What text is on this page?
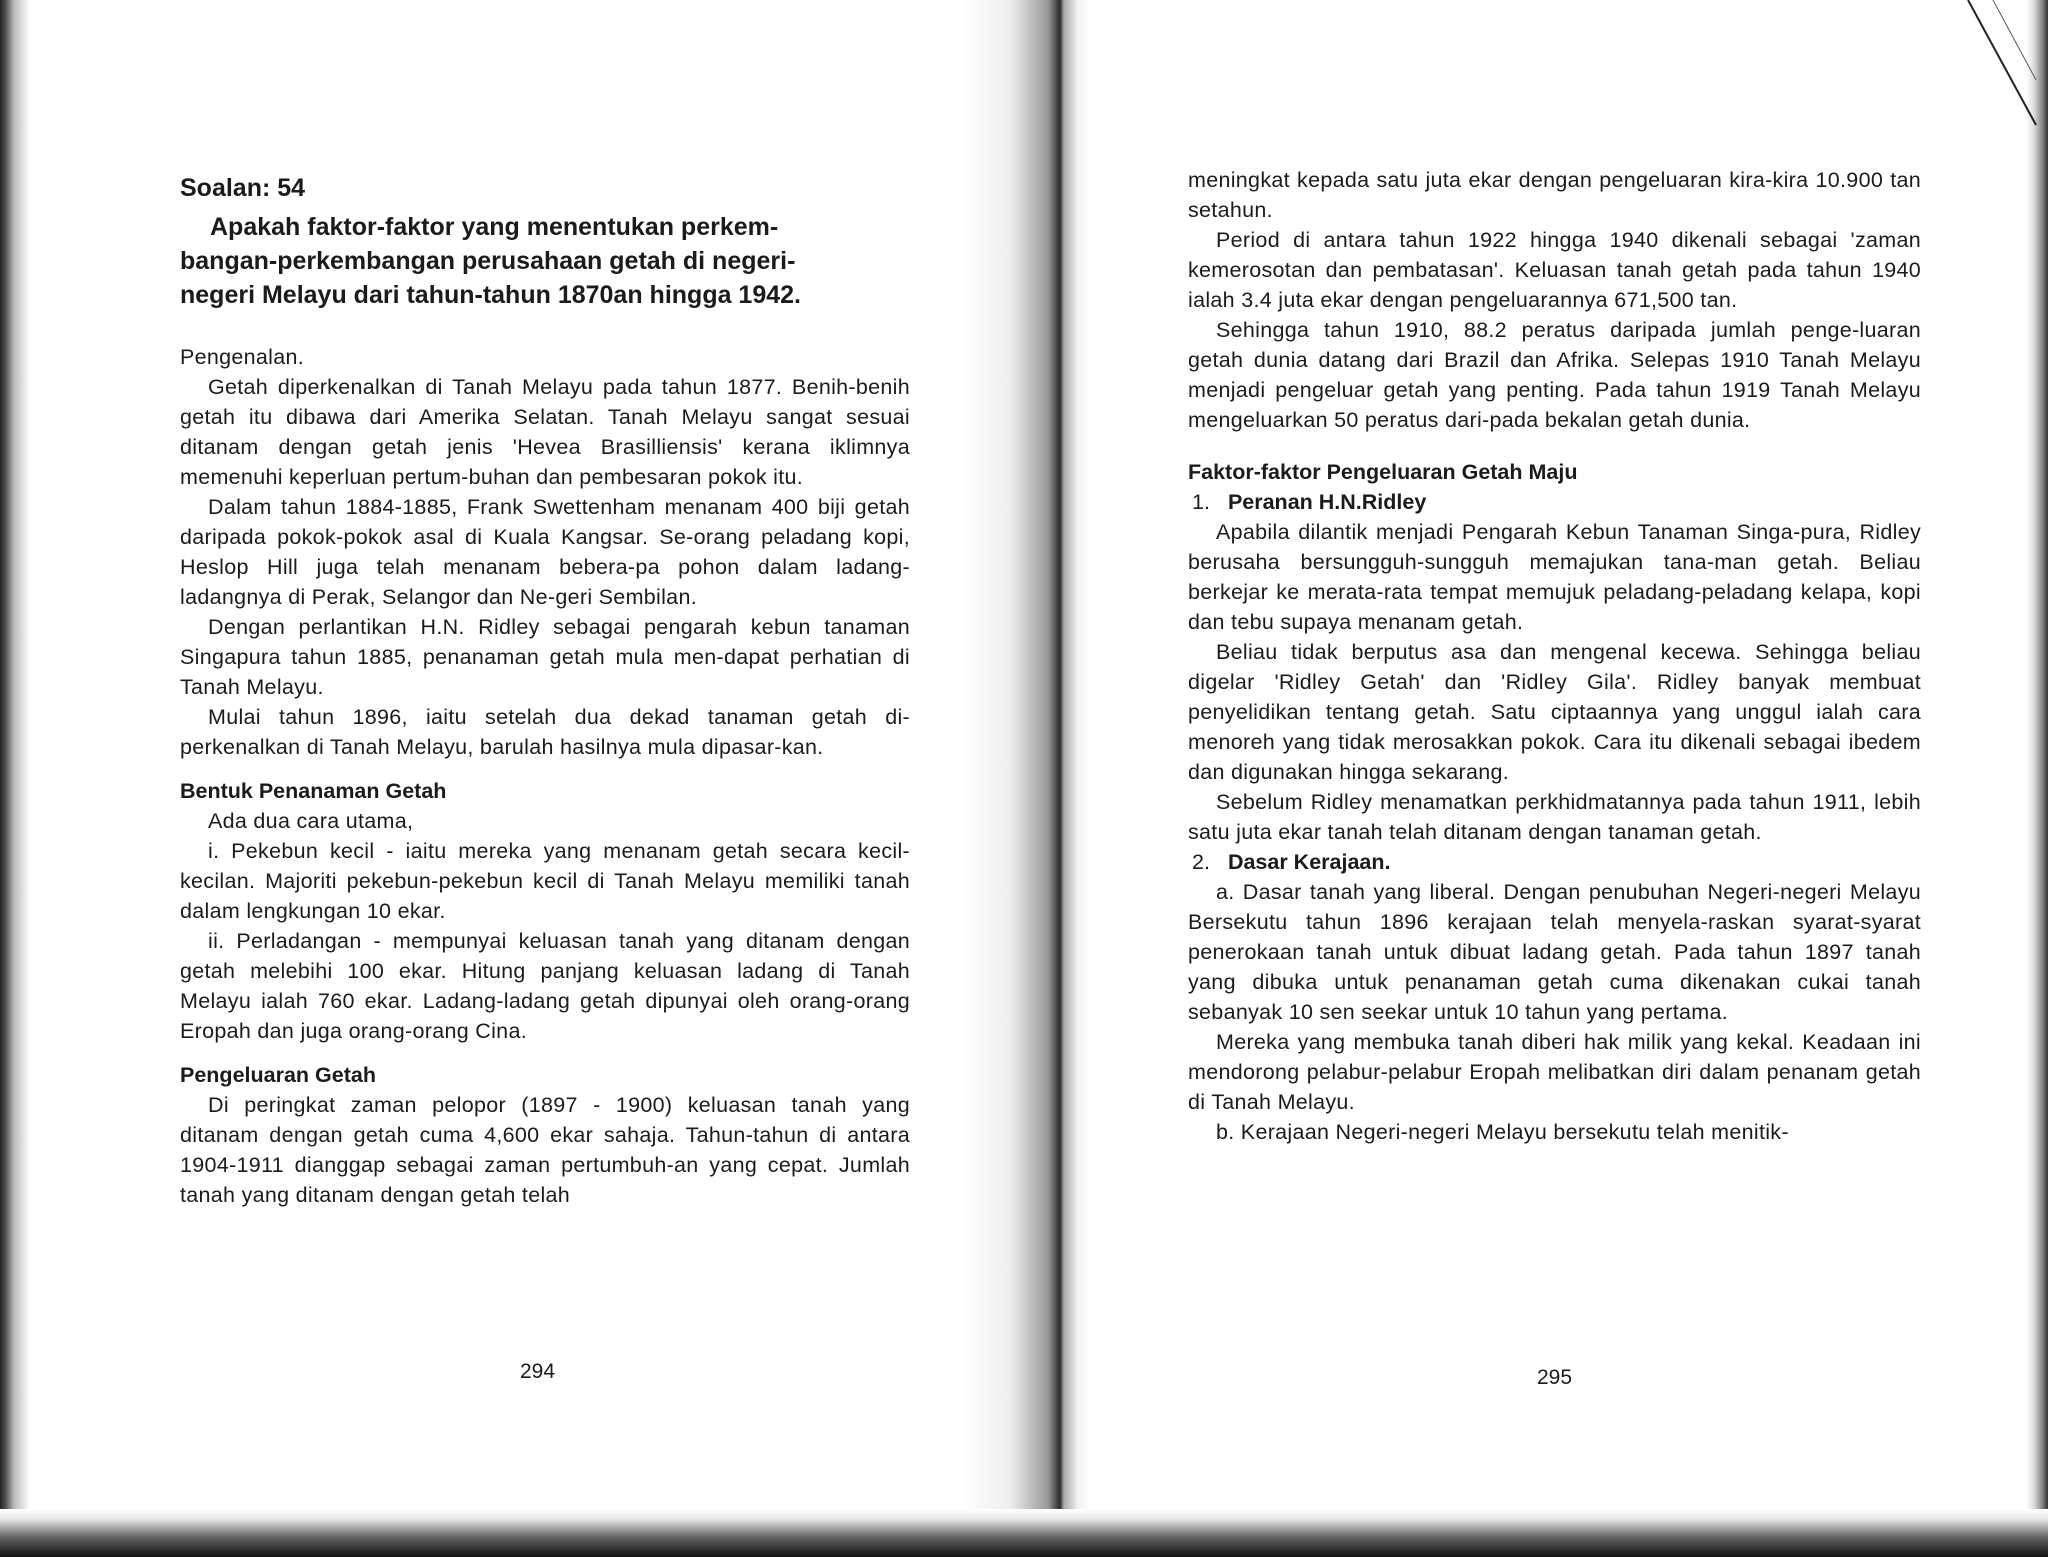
Soalan: 54
Apakah faktor-faktor yang menentukan perkem-
bangan-perkembangan perusahaan getah di negeri-
negeri Melayu dari tahun-tahun 1870an hingga 1942.

Pengenalan.

Getah diperkenalkan di Tanah Melayu pada tahun 1877. Benih-benih getah itu dibawa dari Amerika Selatan. Tanah Melayu sangat sesuai ditanam dengan getah jenis 'Hevea Brasilliensis' kerana iklimnya memenuhi keperluan pertum-buhan dan pembesaran pokok itu.

Dalam tahun 1884-1885, Frank Swettenham menanam 400 biji getah daripada pokok-pokok asal di Kuala Kangsar. Se-orang peladang kopi, Heslop Hill juga telah menanam bebera-pa pohon dalam ladang-ladangnya di Perak, Selangor dan Ne-geri Sembilan.

Dengan perlantikan H.N. Ridley sebagai pengarah kebun tanaman Singapura tahun 1885, penanaman getah mula men-dapat perhatian di Tanah Melayu.

Mulai tahun 1896, iaitu setelah dua dekad tanaman getah di-perkenalkan di Tanah Melayu, barulah hasilnya mula dipasar-kan.

Bentuk Penanaman Getah

Ada dua cara utama,

i. Pekebun kecil - iaitu mereka yang menanam getah secara kecil-kecilan. Majoriti pekebun-pekebun kecil di Tanah Melayu memiliki tanah dalam lengkungan 10 ekar.

ii. Perladangan - mempunyai keluasan tanah yang ditanam dengan getah melebihi 100 ekar. Hitung panjang keluasan ladang di Tanah Melayu ialah 760 ekar. Ladang-ladang getah dipunyai oleh orang-orang Eropah dan juga orang-orang Cina.

Pengeluaran Getah

Di peringkat zaman pelopor (1897 - 1900) keluasan tanah yang ditanam dengan getah cuma 4,600 ekar sahaja. Tahun-tahun di antara 1904-1911 dianggap sebagai zaman pertumbuh-an yang cepat. Jumlah tanah yang ditanam dengan getah telah

294

meningkat kepada satu juta ekar dengan pengeluaran kira-kira 10.900 tan setahun.

Period di antara tahun 1922 hingga 1940 dikenali sebagai 'zaman kemerosotan dan pembatasan'. Keluasan tanah getah pada tahun 1940 ialah 3.4 juta ekar dengan pengeluarannya 671,500 tan.

Sehingga tahun 1910, 88.2 peratus daripada jumlah penge-luaran getah dunia datang dari Brazil dan Afrika. Selepas 1910 Tanah Melayu menjadi pengeluar getah yang penting. Pada tahun 1919 Tanah Melayu mengeluarkan 50 peratus dari-pada bekalan getah dunia.

Faktor-faktor Pengeluaran Getah Maju
1. Peranan H.N.Ridley

Apabila dilantik menjadi Pengarah Kebun Tanaman Singa-pura, Ridley berusaha bersungguh-sungguh memajukan tana-man getah. Beliau berkejar ke merata-rata tempat memujuk peladang-peladang kelapa, kopi dan tebu supaya menanam getah.

Beliau tidak berputus asa dan mengenal kecewa. Sehingga beliau digelar 'Ridley Getah' dan 'Ridley Gila'. Ridley banyak membuat penyelidikan tentang getah. Satu ciptaannya yang unggul ialah cara menoreh yang tidak merosakkan pokok. Cara itu dikenali sebagai ibedem dan digunakan hingga sekarang.

Sebelum Ridley menamatkan perkhidmatannya pada tahun 1911, lebih satu juta ekar tanah telah ditanam dengan tanaman getah.

2. Dasar Kerajaan.

a. Dasar tanah yang liberal. Dengan penubuhan Negeri-negeri Melayu Bersekutu tahun 1896 kerajaan telah menyela-raskan syarat-syarat penerokaan tanah untuk dibuat ladang getah. Pada tahun 1897 tanah yang dibuka untuk penanaman getah cuma dikenakan cukai tanah sebanyak 10 sen seekar untuk 10 tahun yang pertama.

Mereka yang membuka tanah diberi hak milik yang kekal. Keadaan ini mendorong pelabur-pelabur Eropah melibatkan diri dalam penanam getah di Tanah Melayu.

b. Kerajaan Negeri-negeri Melayu bersekutu telah menitik-

295
